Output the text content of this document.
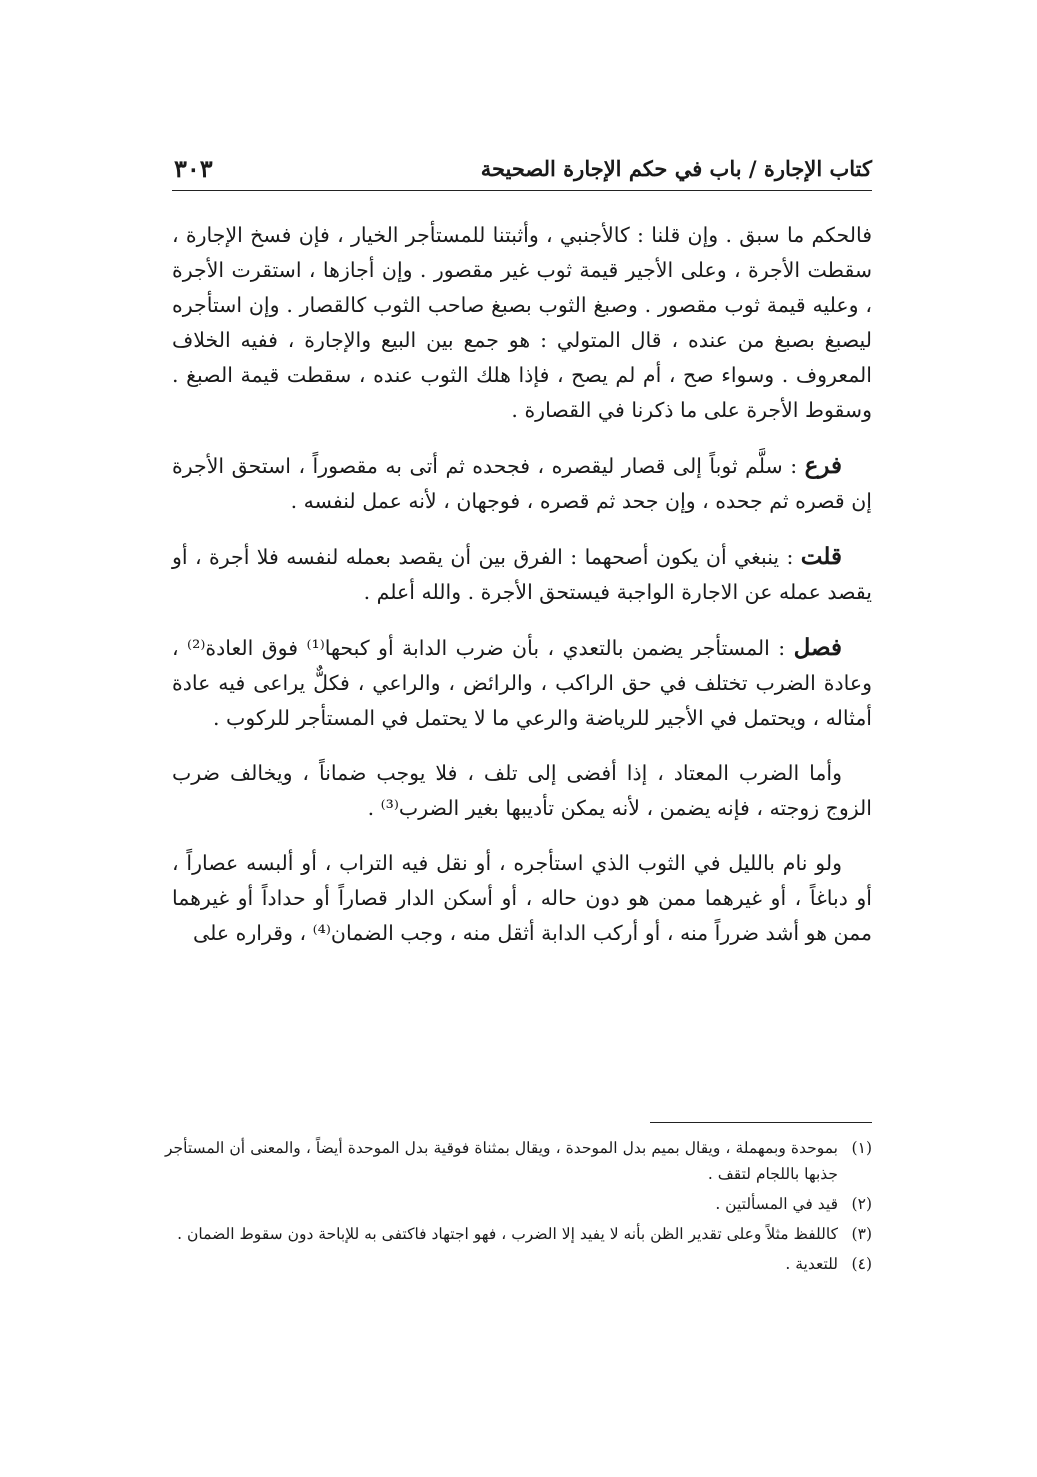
كتاب الإجارة / باب في حكم الإجارة الصحيحة
٣٠٣

فالحكم ما سبق . وإن قلنا : كالأجنبي ، وأثبتنا للمستأجر الخيار ، فإن فسخ الإجارة ، سقطت الأجرة ، وعلى الأجير قيمة ثوب غير مقصور . وإن أجازها ، استقرت الأجرة ، وعليه قيمة ثوب مقصور . وصبغ الثوب بصبغ صاحب الثوب كالقصار . وإن استأجره ليصبغ بصبغ من عنده ، قال المتولي : هو جمع بين البيع والإجارة ، ففيه الخلاف المعروف . وسواء صح ، أم لم يصح ، فإذا هلك الثوب عنده ، سقطت قيمة الصبغ . وسقوط الأجرة على ما ذكرنا في القصارة .

فرع : سلَّم ثوباً إلى قصار ليقصره ، فجحده ثم أتى به مقصوراً ، استحق الأجرة إن قصره ثم جحده ، وإن جحد ثم قصره ، فوجهان ، لأنه عمل لنفسه .

قلت : ينبغي أن يكون أصحهما : الفرق بين أن يقصد بعمله لنفسه فلا أجرة ، أو يقصد عمله عن الاجارة الواجبة فيستحق الأجرة . والله أعلم .

فصل : المستأجر يضمن بالتعدي ، بأن ضرب الدابة أو كبحها⁽¹⁾ فوق العادة⁽²⁾ ، وعادة الضرب تختلف في حق الراكب ، والرائض ، والراعي ، فكلٌّ يراعى فيه عادة أمثاله ، ويحتمل في الأجير للرياضة والرعي ما لا يحتمل في المستأجر للركوب .

وأما الضرب المعتاد ، إذا أفضى إلى تلف ، فلا يوجب ضماناً ، ويخالف ضرب الزوج زوجته ، فإنه يضمن ، لأنه يمكن تأديبها بغير الضرب⁽³⁾ .

ولو نام بالليل في الثوب الذي استأجره ، أو نقل فيه التراب ، أو ألبسه عصاراً ، أو دباغاً ، أو غيرهما ممن هو دون حاله ، أو أسكن الدار قصاراً أو حداداً أو غيرهما ممن هو أشد ضرراً منه ، أو أركب الدابة أثقل منه ، وجب الضمان⁽⁴⁾ ، وقراره على

(١)بموحدة وبمهملة ، ويقال بميم بدل الموحدة ، ويقال بمثناة فوقية بدل الموحدة أيضاً ، والمعنى أن المستأجر جذبها باللجام لتقف .

(٢)قيد في المسألتين .

(٣)كاللفظ مثلاً وعلى تقدير الظن بأنه لا يفيد إلا الضرب ، فهو اجتهاد فاكتفى به للإباحة دون سقوط الضمان .

(٤)للتعدية .
